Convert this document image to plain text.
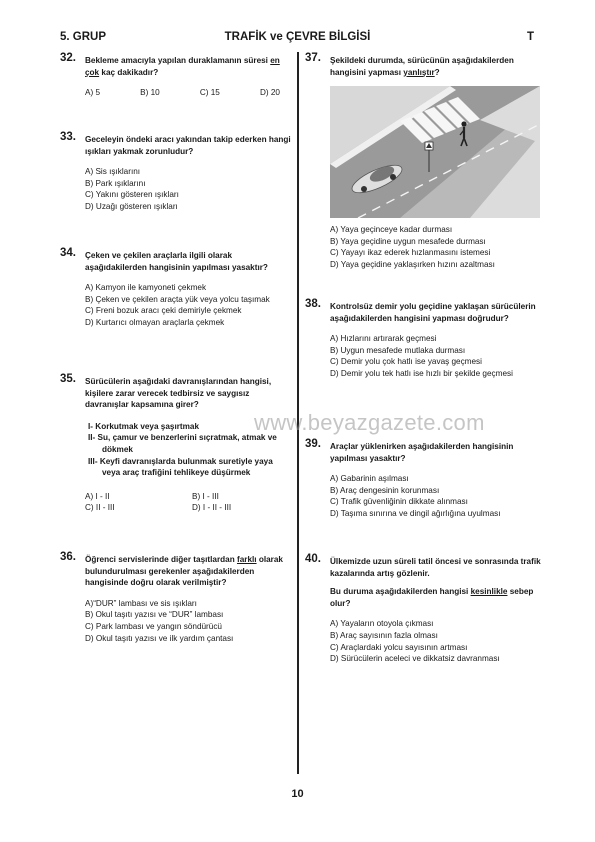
5. GRUP	TRAFİK ve ÇEVRE BİLGİSİ	T
32. Bekleme amacıyla yapılan duraklamanın süresi en çok kaç dakikadır?
A) 5	B) 10	C) 15	D) 20
33. Geceleyin öndeki aracı yakından takip ederken hangi ışıkları yakmak zorunludur?
A) Sis ışıklarını
B) Park ışıklarını
C) Yakını gösteren ışıkları
D) Uzağı gösteren ışıkları
34. Çeken ve çekilen araçlarla ilgili olarak aşağıdakilerden hangisinin yapılması yasaktır?
A) Kamyon ile kamyoneti çekmek
B) Çeken ve çekilen araçta yük veya yolcu taşımak
C) Freni bozuk aracı çeki demiriyle çekmek
D) Kurtarıcı olmayan araçlarla çekmek
35. Sürücülerin aşağıdaki davranışlarından hangisi, kişilere zarar verecek tedbirsiz ve saygısız davranışlar kapsamına girer?
I- Korkutmak veya şaşırtmak
II- Su, çamur ve benzerlerini sıçratmak, atmak ve dökmek
III- Keyfi davranışlarda bulunmak suretiyle yaya veya araç trafiğini tehlikeye düşürmek
A) I - II	B) I - III
C) II - III	D) I - II - III
36. Öğrenci servislerinde diğer taşıtlardan farklı olarak bulundurulması gerekenler aşağıdakilerden hangisinde doğru olarak verilmiştir?
A)“DUR” lambası ve sis ışıkları
B) Okul taşıtı yazısı ve “DUR” lambası
C) Park lambası ve yangın söndürücü
D) Okul taşıtı yazısı ve ilk yardım çantası
37. Şekildeki durumda, sürücünün aşağıdakilerden hangisini yapması yanlıştır?
A) Yaya geçinceye kadar durması
B) Yaya geçidine uygun mesafede durması
C) Yayayı ikaz ederek hızlanmasını istemesi
D) Yaya geçidine yaklaşırken hızını azaltması
38. Kontrolsüz demir yolu geçidine yaklaşan sürücülerin aşağıdakilerden hangisini yapması doğrudur?
A) Hızlarını artırarak geçmesi
B) Uygun mesafede mutlaka durması
C) Demir yolu çok hatlı ise yavaş geçmesi
D) Demir yolu tek hatlı ise hızlı bir şekilde geçmesi
39. Araçlar yüklenirken aşağıdakilerden hangisinin yapılması yasaktır?
A) Gabarinin aşılması
B) Araç dengesinin korunması
C) Trafik güvenliğinin dikkate alınması
D) Taşıma sınırına ve dingil ağırlığına uyulması
40. Ülkemizde uzun süreli tatil öncesi ve sonrasında trafik kazalarında artış gözlenir.
Bu duruma aşağıdakilerden hangisi kesinlikle sebep olur?
A) Yayaların otoyola çıkması
B) Araç sayısının fazla olması
C) Araçlardaki yolcu sayısının artması
D) Sürücülerin aceleci ve dikkatsiz davranması
www.beyazgazete.com
10
